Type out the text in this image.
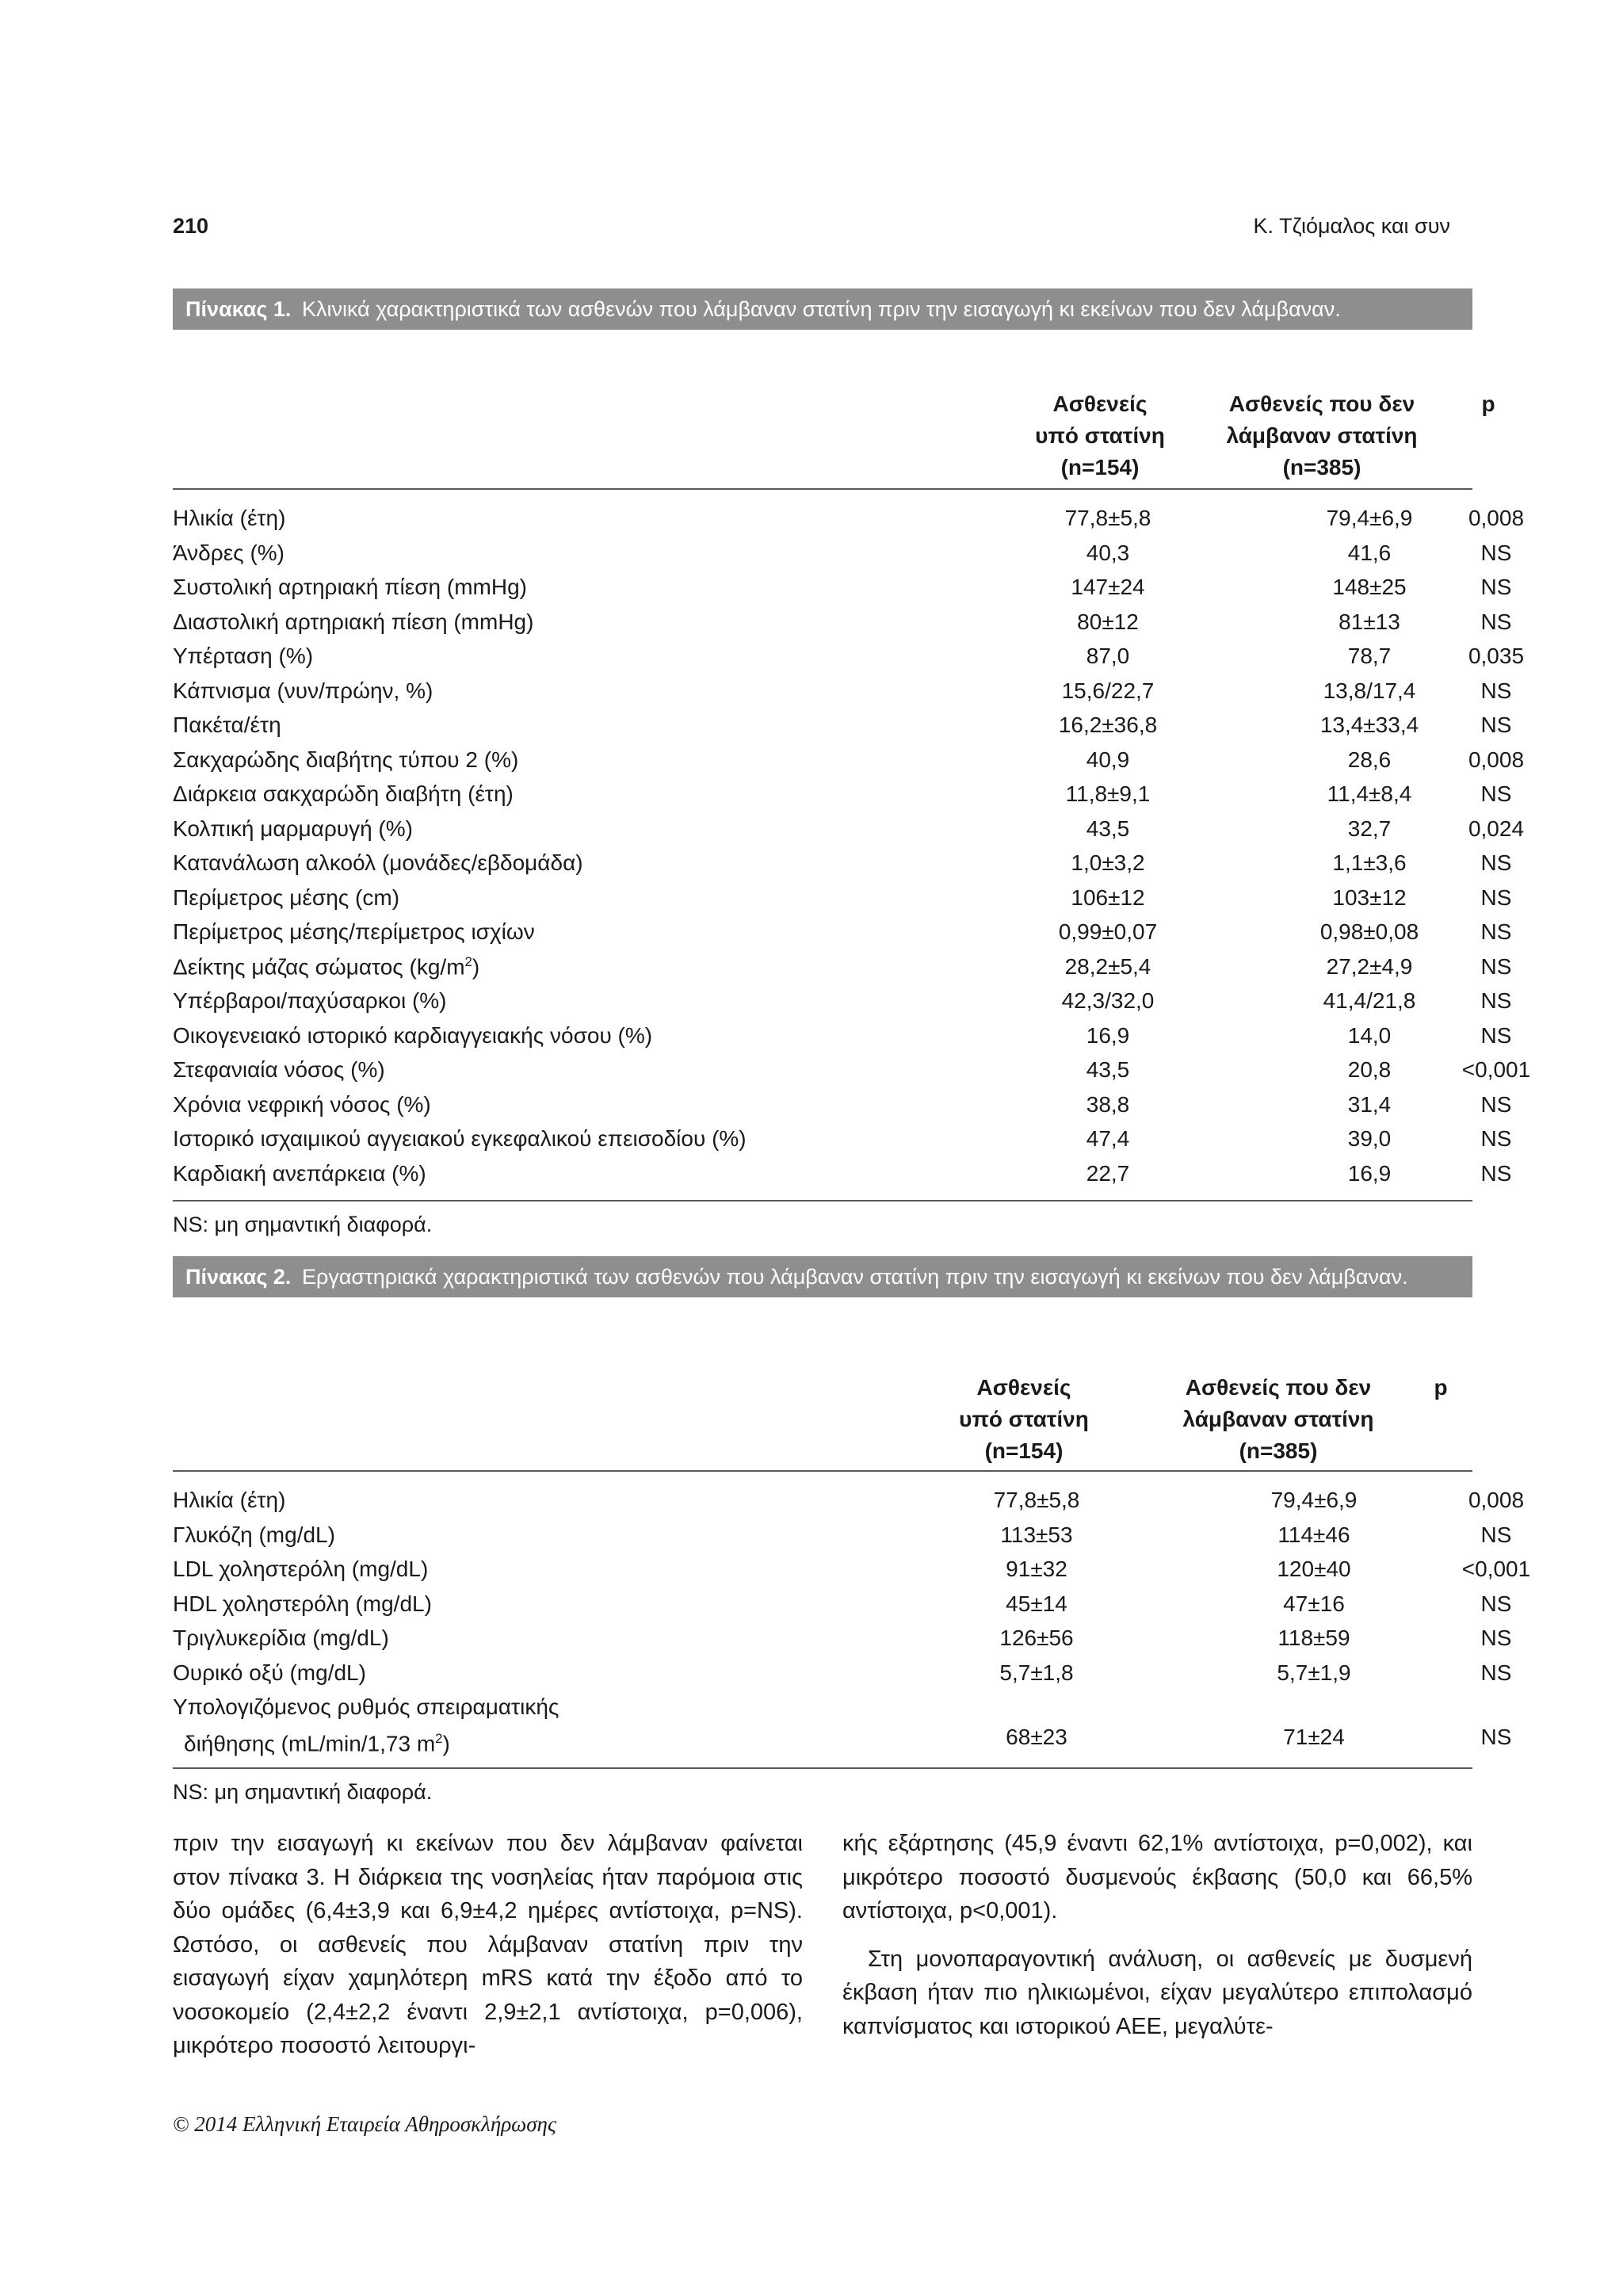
210	Κ. Τζιόμαλος και συν
Πίνακας 1. Κλινικά χαρακτηριστικά των ασθενών που λάμβαναν στατίνη πριν την εισαγωγή κι εκείνων που δεν λάμβαναν.
Ασθενείς
υπό στατίνη
(n=154)
Ασθενείς που δεν
λάμβαναν στατίνη
(n=385)
p
Ηλικία (έτη)	77,8±5,8	79,4±6,9	0,008
Άνδρες (%)	40,3	41,6	NS
Συστολική αρτηριακή πίεση (mmHg)	147±24	148±25	NS
Διαστολική αρτηριακή πίεση (mmHg)	80±12	81±13	NS
Υπέρταση (%)	87,0	78,7	0,035
Κάπνισμα (νυν/πρώην, %)	15,6/22,7	13,8/17,4	NS
Πακέτα/έτη	16,2±36,8	13,4±33,4	NS
Σακχαρώδης διαβήτης τύπου 2 (%)	40,9	28,6	0,008
Διάρκεια σακχαρώδη διαβήτη (έτη)	11,8±9,1	11,4±8,4	NS
Κολπική μαρμαρυγή (%)	43,5	32,7	0,024
Κατανάλωση αλκοόλ (μονάδες/εβδομάδα)	1,0±3,2	1,1±3,6	NS
Περίμετρος μέσης (cm)	106±12	103±12	NS
Περίμετρος μέσης/περίμετρος ισχίων	0,99±0,07	0,98±0,08	NS
Δείκτης μάζας σώματος $(kg/m^2)$	28,2±5,4	27,2±4,9	NS
Υπέρβαροι/παχύσαρκοι (%)	42,3/32,0	41,4/21,8	NS
Οικογενειακό ιστορικό καρδιαγγειακής νόσου (%)	16,9	14,0	NS
Στεφανιαία νόσος (%)	43,5	20,8	<0,001
Χρόνια νεφρική νόσος (%)	38,8	31,4	NS
Ιστορικό ισχαιμικού αγγειακού εγκεφαλικού επεισοδίου (%)	47,4	39,0	NS
Καρδιακή ανεπάρκεια (%)	22,7	16,9	NS
NS: μη σημαντική διαφορά.
Πίνακας 2. Εργαστηριακά χαρακτηριστικά των ασθενών που λάμβαναν στατίνη πριν την εισαγωγή κι εκείνων που δεν λάμβαναν.
Ασθενείς
υπό στατίνη
(n=154)
Ασθενείς που δεν
λάμβαναν στατίνη
(n=385)
p
Ηλικία (έτη)	77,8±5,8	79,4±6,9	0,008
Γλυκόζη (mg/dL)	113±53	114±46	NS
LDL χοληστερόλη (mg/dL)	91±32	120±40	<0,001
HDL χοληστερόλη (mg/dL)	45±14	47±16	NS
Τριγλυκερίδια (mg/dL)	126±56	118±59	NS
Ουρικό οξύ (mg/dL)	5,7±1,8	5,7±1,9	NS
Υπολογιζόμενος ρυθμός σπειραματικής
διήθησης (mL/min/1,73 $m^2$)	68±23	71±24	NS
NS: μη σημαντική διαφορά.

πριν την εισαγωγή κι εκείνων που δεν λάμβαναν φαίνεται στον πίνακα 3. Η διάρκεια της νοσηλείας ήταν παρόμοια στις δύο ομάδες (6,4±3,9 και 6,9±4,2 ημέρες αντίστοιχα, p=NS). Ωστόσο, οι ασθενείς που λάμβαναν στατίνη πριν την εισαγωγή είχαν χαμηλότερη mRS κατά την έξοδο από το νοσοκομείο (2,4±2,2 έναντι 2,9±2,1 αντίστοιχα, p=0,006), μικρότερο ποσοστό λειτουργι-

κής εξάρτησης (45,9 έναντι 62,1% αντίστοιχα, p=0,002), και μικρότερο ποσοστό δυσμενούς έκβασης (50,0 και 66,5% αντίστοιχα, p<0,001).

Στη μονοπαραγοντική ανάλυση, οι ασθενείς με δυσμενή έκβαση ήταν πιο ηλικιωμένοι, είχαν μεγαλύτερο επιπολασμό καπνίσματος και ιστορικού ΑΕΕ, μεγαλύτε-

© 2014 Ελληνική Εταιρεία Αθηροσκλήρωσης
